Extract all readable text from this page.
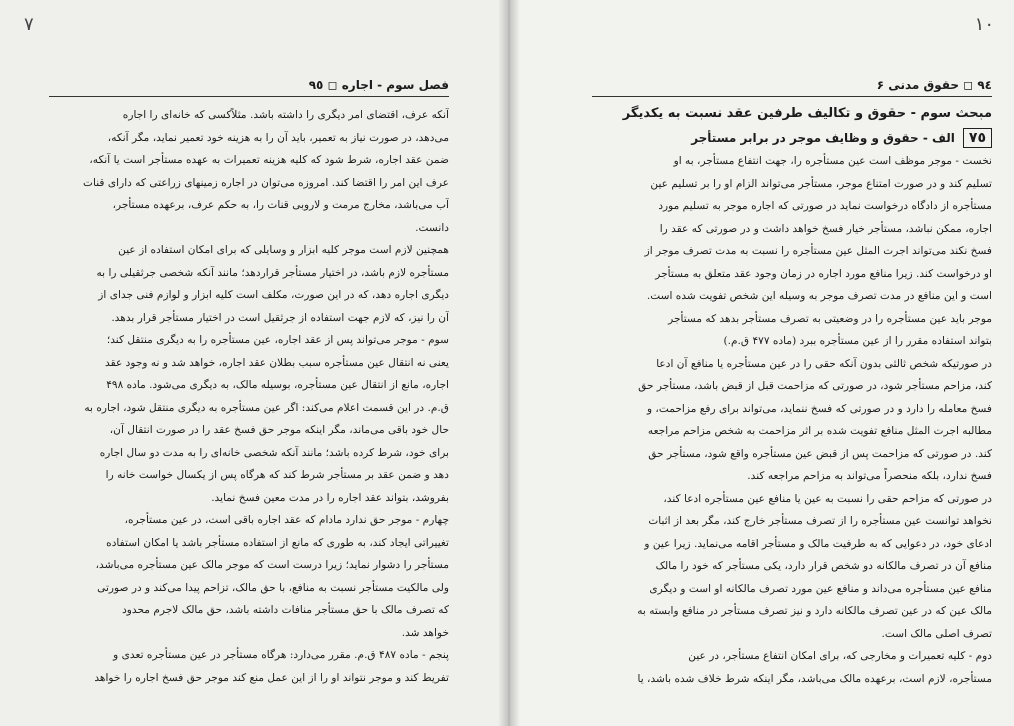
٧
فصل سوم - اجاره ◻ ٩٥
آنکه عرف، اقتضای امر دیگری را داشته باشد. مثلاًکسی که خانه‌ای را اجاره
می‌دهد، در صورت نیاز به تعمیر، باید آن را به هزینه خود تعمیر نماید، مگر آنکه،
ضمن عقد اجاره، شرط شود که کلیه هزینه تعمیرات به عهده مستأجر است یا آنکه،
عرف این امر را اقتضا کند. امروزه می‌توان در اجاره زمینهای زراعتی که دارای قنات
آب می‌باشد، مخارج مرمت و لاروبی قنات را، به حکم عرف، برعهده مستأجر،
دانست.
همچنین لازم است موجر کلیه ابزار و وسایلی که برای امکان استفاده از عین
مستأجره لازم باشد، در اختیار مستأجر قراردهد؛ مانند آنکه شخصی جرثقیلی را به
دیگری اجاره دهد، که در این صورت، مکلف است کلیه ابزار و لوازم فنی جدای از
آن را نیز، که لازم جهت استفاده از جرثقیل است در اختیار مستأجر قرار بدهد.
سوم - موجر می‌تواند پس از عقد اجاره، عین مستأجره را به دیگری منتقل کند؛
یعنی نه انتقال عین مستأجره سبب بطلان عقد اجاره، خواهد شد و نه وجود عقد
اجاره، مانع از انتقال عین مستأجره، بوسیله مالک، به دیگری می‌شود. ماده ۴۹۸
ق.م. در این قسمت اعلام می‌کند: اگر عین مستأجره به دیگری منتقل شود، اجاره به
حال خود باقی می‌ماند، مگر اینکه موجر حق فسخ عقد را در صورت انتقال آن،
برای خود، شرط کرده باشد؛ مانند آنکه شخصی خانه‌ای را به مدت دو سال اجاره
دهد و ضمن عقد بر مستأجر شرط کند که هرگاه پس از یکسال خواست خانه را
بفروشد، بتواند عقد اجاره را در مدت معین فسخ نماید.
چهارم - موجر حق ندارد مادام که عقد اجاره باقی است، در عین مستأجره،
تغییراتی ایجاد کند، به طوری که مانع از استفاده مستأجر باشد یا امکان استفاده
مستأجر را دشوار نماید؛ زیرا درست است که موجر مالک عین مستأجره می‌باشد،
ولی مالکیت مستأجر نسبت به منافع، با حق مالک، تزاحم پیدا می‌کند و در صورتی
که تصرف مالک با حق مستأجر منافات داشته باشد، حق مالک لاجرم محدود
خواهد شد.
پنجم - ماده ۴۸۷ ق.م. مقرر می‌دارد: هرگاه مستأجر در عین مستأجره تعدی و
تفریط کند و موجر نتواند او را از این عمل منع کند موجر حق فسخ اجاره را خواهد
١٠
٩٤ ◻ حقوق مدنی ۶
مبحث سوم - حقوق و تکالیف طرفین عقد نسبت به یکدیگر
٧٥
الف - حقوق و وظایف موجر در برابر مستأجر
نخست - موجر موظف است عین مستأجره را، جهت انتفاع مستأجر، به او
تسلیم کند و در صورت امتناع موجر، مستأجر می‌تواند الزام او را بر تسلیم عین
مستأجره از دادگاه درخواست نماید در صورتی که اجاره موجر به تسلیم مورد
اجاره، ممکن نباشد، مستأجر خیار فسخ خواهد داشت و در صورتی که عقد را
فسخ نکند می‌تواند اجرت المثل عین مستأجره را نسبت به مدت تصرف موجر از
او درخواست کند. زیرا منافع مورد اجاره در زمان وجود عقد متعلق به مستأجر
است و این منافع در مدت تصرف موجر به وسیله این شخص تفویت شده است.
موجر باید عین مستأجره را در وضعیتی به تصرف مستأجر بدهد که مستأجر
بتواند استفاده مقرر را از عین مستأجره ببرد (ماده ۴۷۷ ق.م.)
در صورتیکه شخص ثالثی بدون آنکه حقی را در عین مستأجره یا منافع آن ادعا
کند، مزاحم مستأجر شود، در صورتی که مزاحمت قبل از قبض باشد، مستأجر حق
فسخ معامله را دارد و در صورتی که فسخ ننماید، می‌تواند برای رفع مزاحمت، و
مطالبه اجرت المثل منافع تفویت شده بر اثر مزاحمت به شخص مزاحم مراجعه
کند. در صورتی که مزاحمت پس از قبض عین مستأجره واقع شود، مستأجر حق
فسخ ندارد، بلکه منحصراً می‌تواند به مزاحم مراجعه کند.
در صورتی که مزاحم حقی را نسبت به عین یا منافع عین مستأجره ادعا کند،
نخواهد توانست عین مستأجره را از تصرف مستأجر خارج کند، مگر بعد از اثبات
ادعای خود، در دعوایی که به طرفیت مالک و مستأجر اقامه می‌نماید. زیرا عین و
منافع آن در تصرف مالکانه دو شخص قرار دارد، یکی مستأجر که خود را مالک
منافع عین مستأجره می‌داند و منافع عین مورد تصرف مالکانه او است و دیگری
مالک عین که در عین تصرف مالکانه دارد و نیز تصرف مستأجر در منافع وابسته به
تصرف اصلی مالک است.
دوم - کلیه تعمیرات و مخارجی که، برای امکان انتفاع مستأجر، در عین
مستأجره، لازم است، برعهده مالک می‌باشد، مگر اینکه شرط خلاف شده باشد، یا
